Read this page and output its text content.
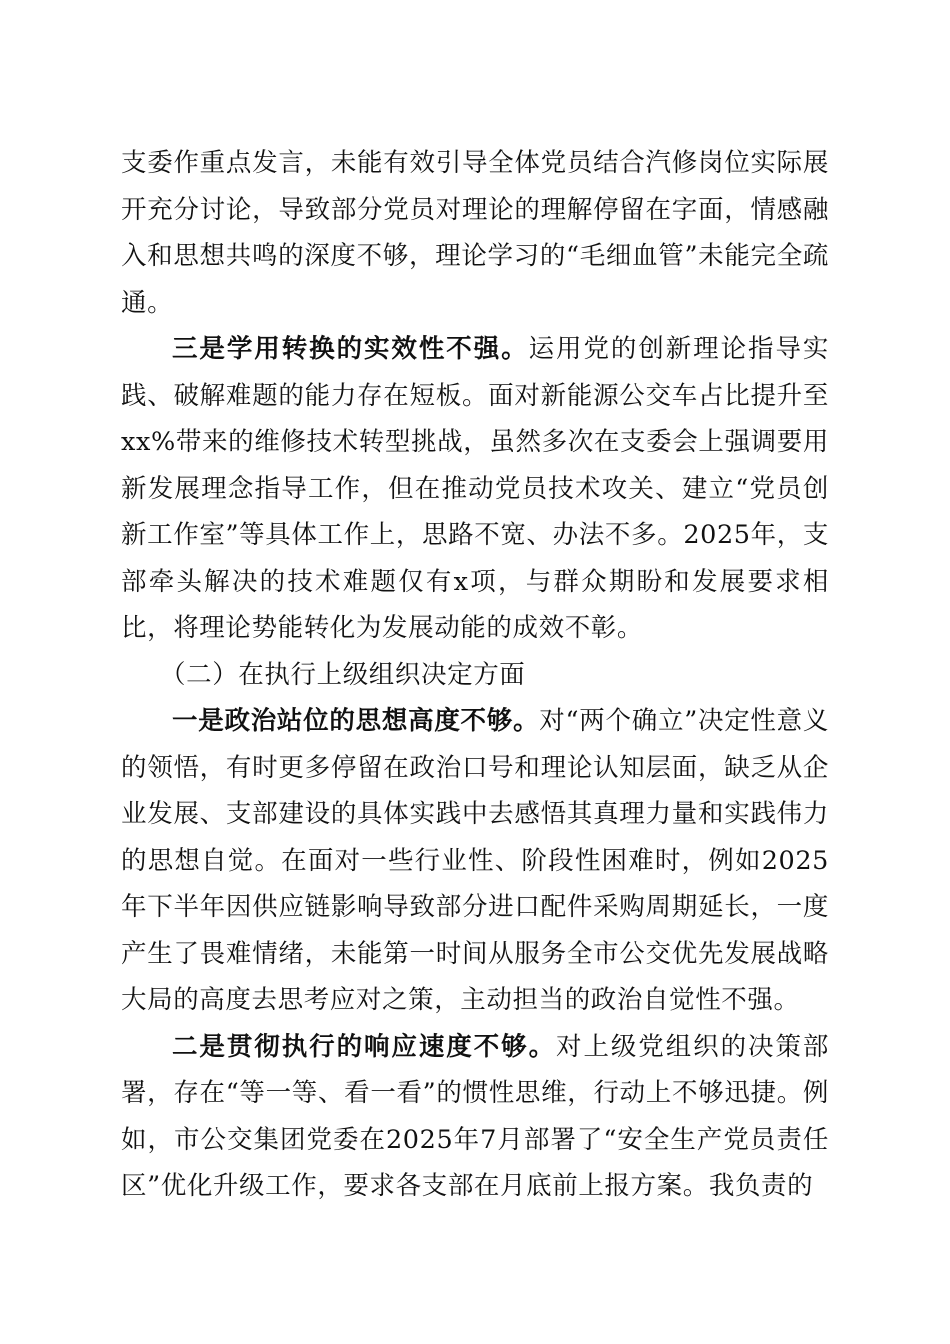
支委作重点发言，未能有效引导全体党员结合汽修岗位实际展开充分讨论，导致部分党员对理论的理解停留在字面，情感融入和思想共鸣的深度不够，理论学习的“毛细血管”未能完全疏通。

三是学用转换的实效性不强。运用党的创新理论指导实践、破解难题的能力存在短板。面对新能源公交车占比提升至xx%带来的维修技术转型挑战，虽然多次在支委会上强调要用新发展理念指导工作，但在推动党员技术攻关、建立“党员创新工作室”等具体工作上，思路不宽、办法不多。2025年，支部牵头解决的技术难题仅有x项，与群众期盼和发展要求相比，将理论势能转化为发展动能的成效不彰。

（二）在执行上级组织决定方面

一是政治站位的思想高度不够。对“两个确立”决定性意义的领悟，有时更多停留在政治口号和理论认知层面，缺乏从企业发展、支部建设的具体实践中去感悟其真理力量和实践伟力的思想自觉。在面对一些行业性、阶段性困难时，例如2025年下半年因供应链影响导致部分进口配件采购周期延长，一度产生了畏难情绪，未能第一时间从服务全市公交优先发展战略大局的高度去思考应对之策，主动担当的政治自觉性不强。

二是贯彻执行的响应速度不够。对上级党组织的决策部署，存在“等一等、看一看”的惯性思维，行动上不够迅捷。例如，市公交集团党委在2025年7月部署了“安全生产党员责任区”优化升级工作，要求各支部在月底前上报方案。我负责的
